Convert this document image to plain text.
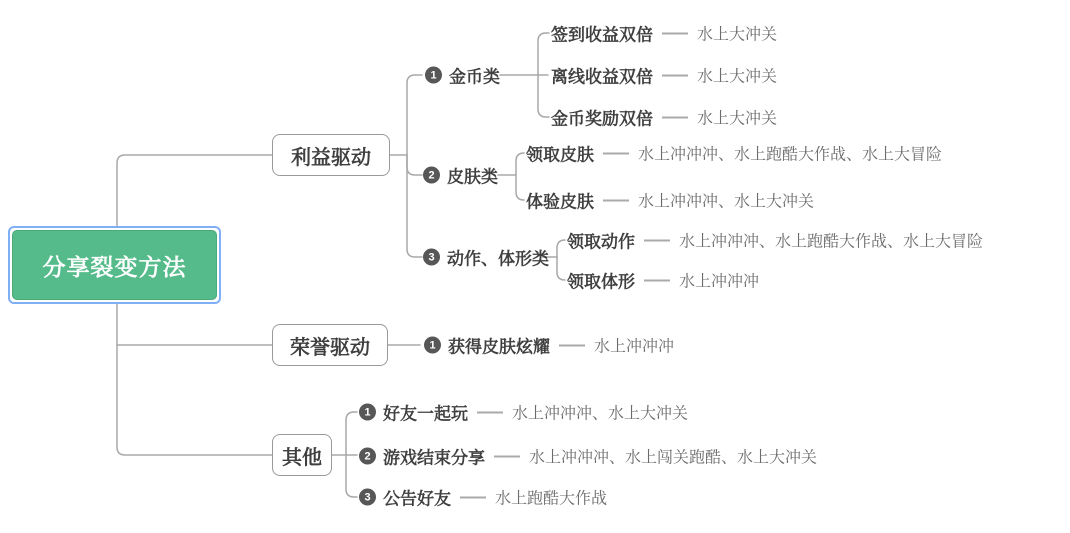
分享裂变方法
利益驱动
荣誉驱动
其他
1 金币类
2 皮肤类
3 动作、体形类
签到收益双倍	水上大冲关
离线收益双倍	水上大冲关
金币奖励双倍	水上大冲关
领取皮肤	水上冲冲冲、水上跑酷大作战、水上大冒险
体验皮肤	水上冲冲冲、水上大冲关
领取动作	水上冲冲冲、水上跑酷大作战、水上大冒险
领取体形	水上冲冲冲
1 获得皮肤炫耀	水上冲冲冲
1 好友一起玩	水上冲冲冲、水上大冲关
2 游戏结束分享	水上冲冲冲、水上闯关跑酷、水上大冲关
3 公告好友	水上跑酷大作战
